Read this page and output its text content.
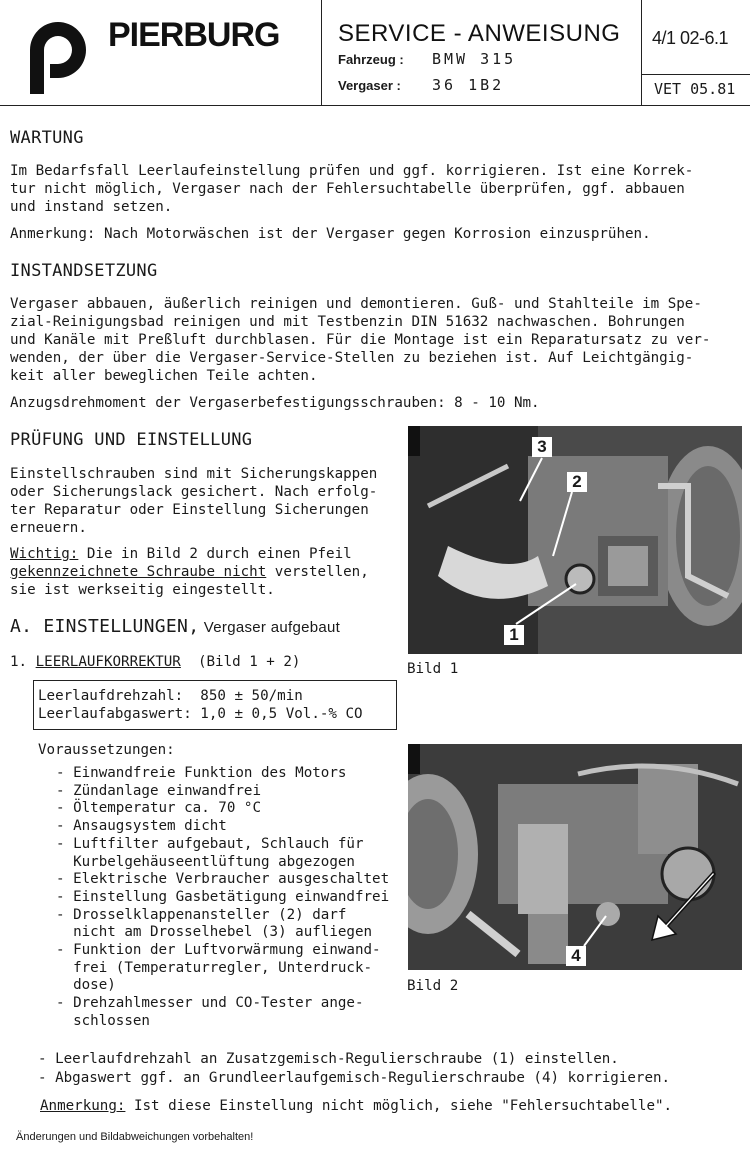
PIERBURG SERVICE - ANWEISUNG
Fahrzeug : BMW 315
Vergaser : 36 1B2
4/1 02-6.1
VET 05.81
WARTUNG
Im Bedarfsfall Leerlaufeinstellung prüfen und ggf. korrigieren. Ist eine Korrek-
tur nicht möglich, Vergaser nach der Fehlersuchtabelle überprüfen, ggf. abbauen
und instand setzen.
Anmerkung: Nach Motorwäschen ist der Vergaser gegen Korrosion einzusprühen.
INSTANDSETZUNG
Vergaser abbauen, äußerlich reinigen und demontieren. Guß- und Stahlteile im Spe-
zial-Reinigungsbad reinigen und mit Testbenzin DIN 51632 nachwaschen. Bohrungen
und Kanäle mit Preßluft durchblasen. Für die Montage ist ein Reparatursatz zu ver-
wenden, der über die Vergaser-Service-Stellen zu beziehen ist. Auf Leichtgängig-
keit aller beweglichen Teile achten.
Anzugsdrehmoment der Vergaserbefestigungsschrauben: 8 - 10 Nm.
PRÜFUNG UND EINSTELLUNG
Einstellschrauben sind mit Sicherungskappen
oder Sicherungslack gesichert. Nach erfolg-
ter Reparatur oder Einstellung Sicherungen
erneuern.
Wichtig: Die in Bild 2 durch einen Pfeil
gekennzeichnete Schraube nicht verstellen,
sie ist werkseitig eingestellt.
A. EINSTELLUNGEN, Vergaser aufgebaut
1. LEERLAUFKORREKTUR (Bild 1 + 2)
Leerlaufdrehzahl:  850 ± 50/min
Leerlaufabgaswert: 1,0 ± 0,5 Vol.-% CO
Voraussetzungen:
- Einwandfreie Funktion des Motors
- Zündanlage einwandfrei
- Öltemperatur ca. 70 °C
- Ansaugsystem dicht
- Luftfilter aufgebaut, Schlauch für
Kurbelgehäuseentlüftung abgezogen
- Elektrische Verbraucher ausgeschaltet
- Einstellung Gasbetätigung einwandfrei
- Drosselklappenansteller (2) darf
nicht am Drosselhebel (3) aufliegen
- Funktion der Luftvorwärmung einwand-
frei (Temperaturregler, Unterdruck-
dose)
- Drehzahlmesser und CO-Tester ange-
schlossen
- Leerlaufdrehzahl an Zusatzgemisch-Regulierschraube (1) einstellen.
- Abgaswert ggf. an Grundleerlaufgemisch-Regulierschraube (4) korrigieren.
Anmerkung: Ist diese Einstellung nicht möglich, siehe "Fehlersuchtabelle".
3
2
1
Bild 1
4
Bild 2
Änderungen und Bildabweichungen vorbehalten!
